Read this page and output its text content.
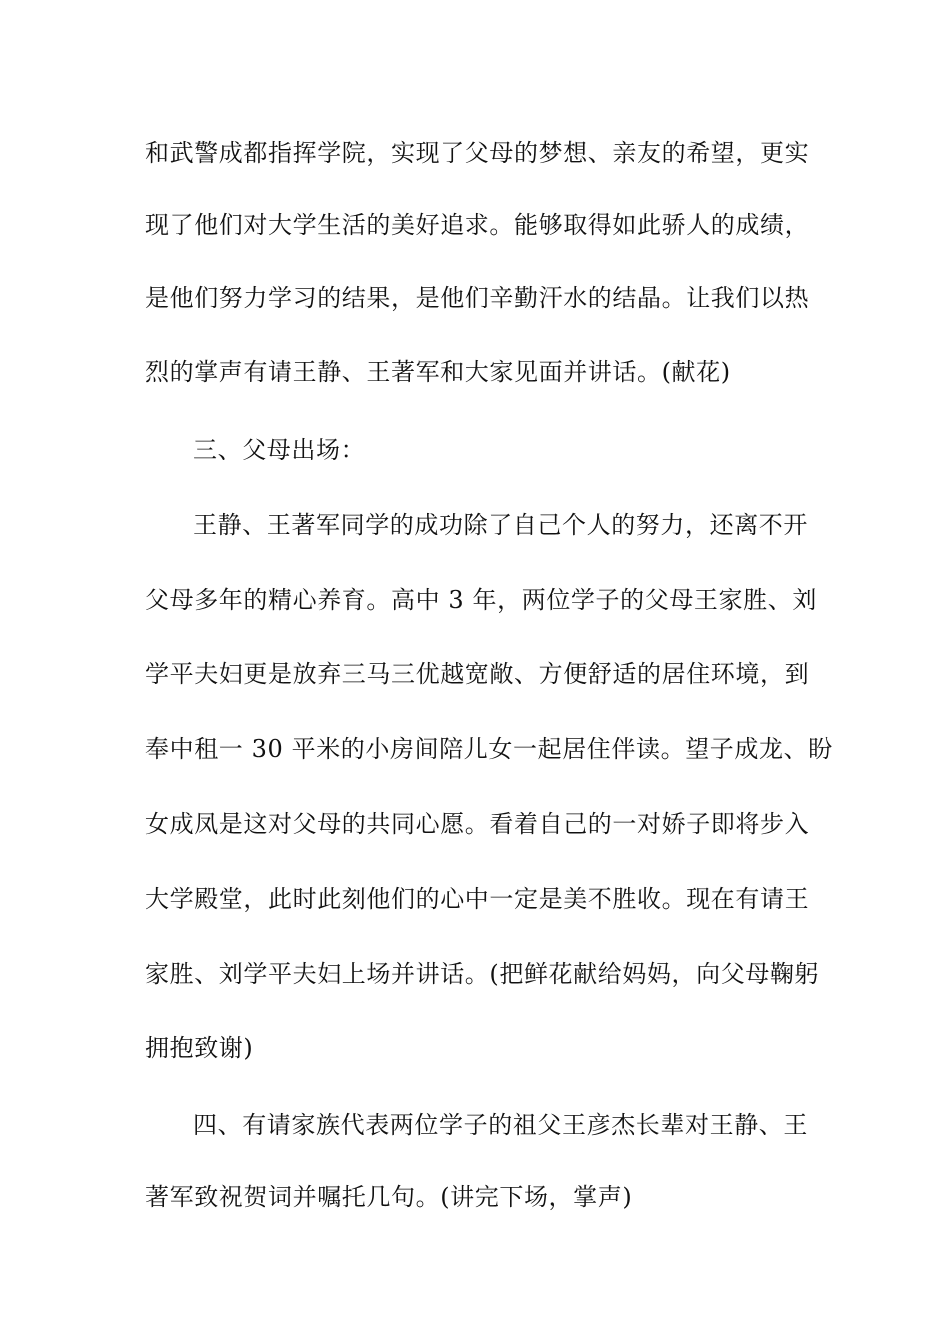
和武警成都指挥学院，实现了父母的梦想、亲友的希望，更实
现了他们对大学生活的美好追求。能够取得如此骄人的成绩，
是他们努力学习的结果，是他们辛勤汗水的结晶。让我们以热
烈的掌声有请王静、王著军和大家见面并讲话。(献花)
三、父母出场：
王静、王著军同学的成功除了自己个人的努力，还离不开
父母多年的精心养育。高中 3 年，两位学子的父母王家胜、刘
学平夫妇更是放弃三马三优越宽敞、方便舒适的居住环境，到
奉中租一 30 平米的小房间陪儿女一起居住伴读。望子成龙、盼
女成凤是这对父母的共同心愿。看着自己的一对娇子即将步入
大学殿堂，此时此刻他们的心中一定是美不胜收。现在有请王
家胜、刘学平夫妇上场并讲话。(把鲜花献给妈妈，向父母鞠躬
拥抱致谢)
四、有请家族代表两位学子的祖父王彦杰长辈对王静、王
著军致祝贺词并嘱托几句。(讲完下场，掌声)
